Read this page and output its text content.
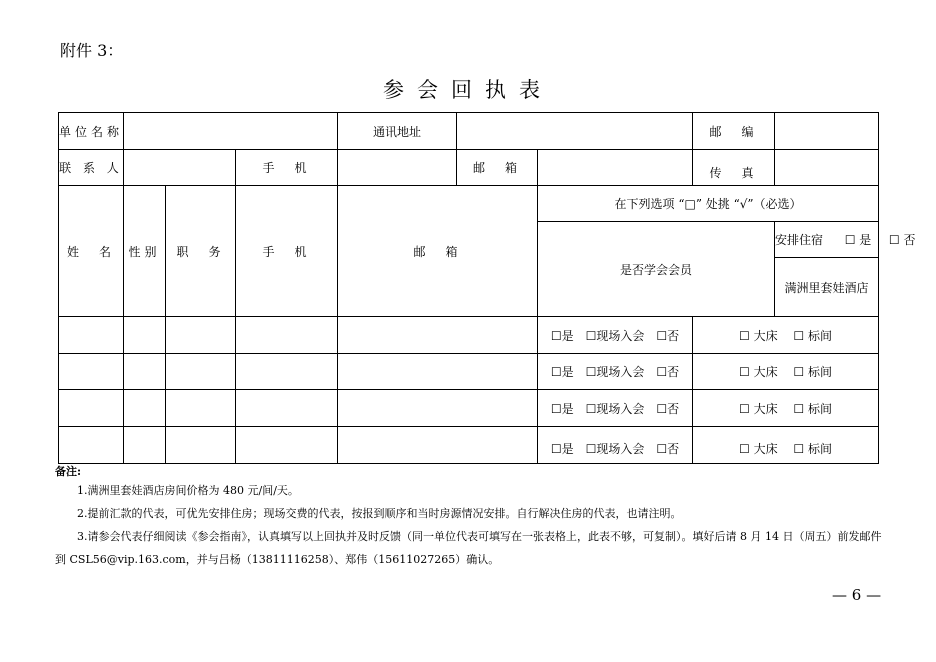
附件 3：
参会回执表
单位名称				通讯地址			邮　编	
联 系 人			手　机		邮　箱		传　真	
姓　名	性别	职　务	手　机	邮　箱		在下列选项 “□” 处挑 “√”（必选）		
						是否学会会员		安排住宿 ☐ 是 ☐ 否
								满洲里套娃酒店
						☐是　☐现场入会　☐否	☐ 大床　 ☐ 标间	
						☐是　☐现场入会　☐否	☐ 大床　 ☐ 标间	
						☐是　☐现场入会　☐否	☐ 大床　 ☐ 标间	
						☐是　☐现场入会　☐否	☐ 大床　 ☐ 标间	

备注:

1.满洲里套娃酒店房间价格为 480 元/间/天。

2.提前汇款的代表，可优先安排住房；现场交费的代表，按报到顺序和当时房源情况安排。自行解决住房的代表，也请注明。

3.请参会代表仔细阅读《参会指南》，认真填写以上回执并及时反馈（同一单位代表可填写在一张表格上，此表不够，可复制）。填好后请 8 月 14 日（周五）前发邮件到 CSL56@vip.163.com，并与吕杨（13811116258）、郑伟（15611027265）确认。

— 6 —
